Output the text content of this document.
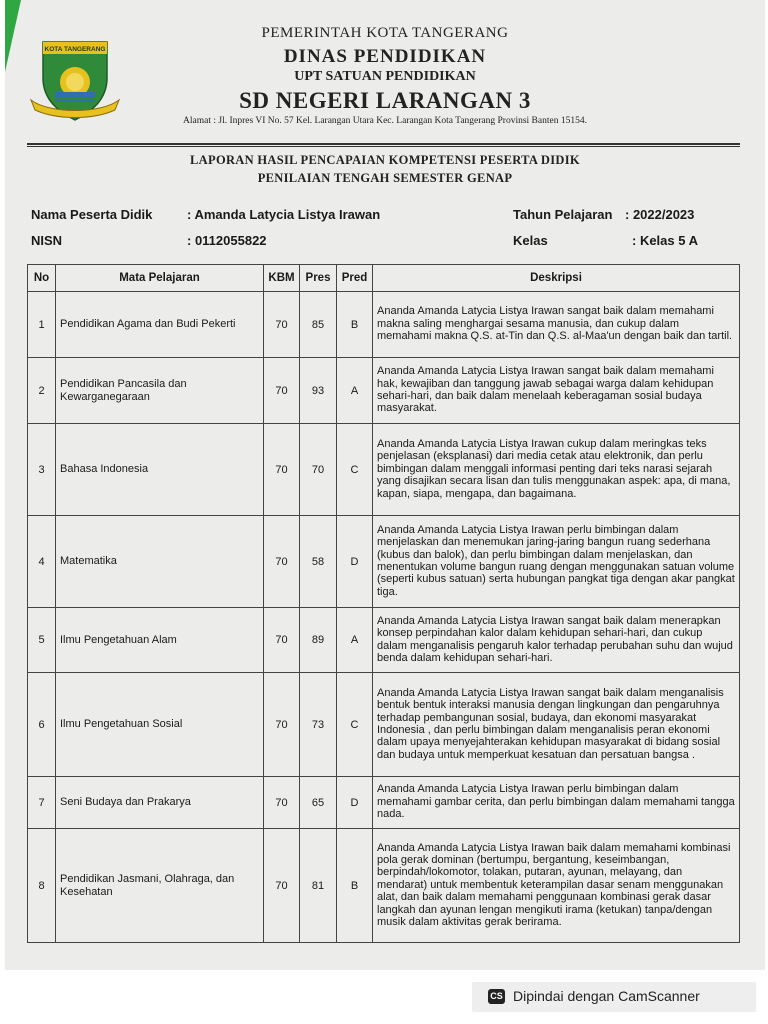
PEMERINTAH KOTA TANGERANG
DINAS PENDIDIKAN
UPT SATUAN PENDIDIKAN
SD NEGERI LARANGAN 3
Alamat : Jl. Inpres VI No. 57 Kel. Larangan Utara Kec. Larangan Kota Tangerang Provinsi Banten 15154.
KOTA TANGERANG
LAPORAN HASIL PENCAPAIAN KOMPETENSI PESERTA DIDIK
PENILAIAN TENGAH SEMESTER GENAP
Nama Peserta Didik	: Amanda Latycia Listya Irawan
NISN	: 0112055822
Tahun Pelajaran : 2022/2023
Kelas	: Kelas 5 A
No	Mata Pelajaran	KBM	Pres	Pred	Deskripsi
1	Pendidikan Agama dan Budi Pekerti	70	85	B	Ananda Amanda Latycia Listya Irawan sangat baik dalam memahami makna saling menghargai sesama manusia, dan cukup dalam memahami makna Q.S. at-Tin dan Q.S. al-Maa'un dengan baik dan tartil.
2	Pendidikan Pancasila dan Kewarganegaraan	70	93	A	Ananda Amanda Latycia Listya Irawan sangat baik dalam memahami hak, kewajiban dan tanggung jawab sebagai warga dalam kehidupan sehari-hari, dan baik dalam menelaah keberagaman sosial budaya masyarakat.
3	Bahasa Indonesia	70	70	C	Ananda Amanda Latycia Listya Irawan cukup dalam meringkas teks penjelasan (eksplanasi) dari media cetak atau elektronik, dan perlu bimbingan dalam menggali informasi penting dari teks narasi sejarah yang disajikan secara lisan dan tulis menggunakan aspek: apa, di mana, kapan, siapa, mengapa, dan bagaimana.
4	Matematika	70	58	D	Ananda Amanda Latycia Listya Irawan perlu bimbingan dalam menjelaskan dan menemukan jaring-jaring bangun ruang sederhana (kubus dan balok), dan perlu bimbingan dalam menjelaskan, dan menentukan volume bangun ruang dengan menggunakan satuan volume (seperti kubus satuan) serta hubungan pangkat tiga dengan akar pangkat tiga.
5	Ilmu Pengetahuan Alam	70	89	A	Ananda Amanda Latycia Listya Irawan sangat baik dalam menerapkan konsep perpindahan kalor dalam kehidupan sehari-hari, dan cukup dalam menganalisis pengaruh kalor terhadap perubahan suhu dan wujud benda dalam kehidupan sehari-hari.
6	Ilmu Pengetahuan Sosial	70	73	C	Ananda Amanda Latycia Listya Irawan sangat baik dalam menganalisis bentuk bentuk interaksi manusia dengan lingkungan dan pengaruhnya terhadap pembangunan sosial, budaya, dan ekonomi masyarakat Indonesia , dan perlu bimbingan dalam menganalisis peran ekonomi dalam upaya menyejahterakan kehidupan masyarakat di bidang sosial dan budaya untuk memperkuat kesatuan dan persatuan bangsa .
7	Seni Budaya dan Prakarya	70	65	D	Ananda Amanda Latycia Listya Irawan perlu bimbingan dalam memahami gambar cerita, dan perlu bimbingan dalam memahami tangga nada.
8	Pendidikan Jasmani, Olahraga, dan Kesehatan	70	81	B	Ananda Amanda Latycia Listya Irawan baik dalam memahami kombinasi pola gerak dominan (bertumpu, bergantung, keseimbangan, berpindah/lokomotor, tolakan, putaran, ayunan, melayang, dan mendarat) untuk membentuk keterampilan dasar senam menggunakan alat, dan baik dalam memahami penggunaan kombinasi gerak dasar langkah dan ayunan lengan mengikuti irama (ketukan) tanpa/dengan musik dalam aktivitas gerak berirama.
CS Dipindai dengan CamScanner
